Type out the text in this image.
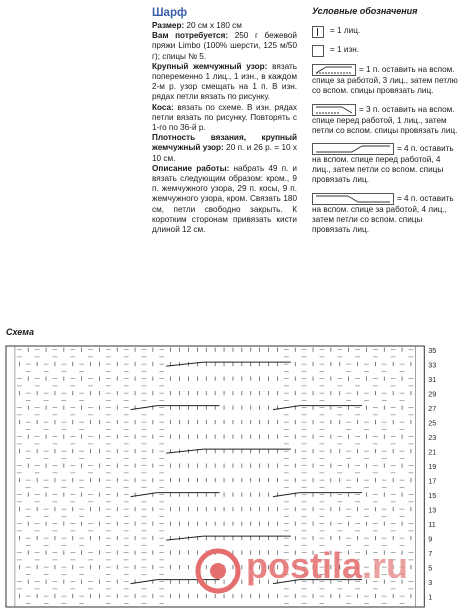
Шарф

Размер: 20 см х 180 см

Вам потребуется: 250 г бежевой пряжи Limbo (100% шерсти, 125 м/50 г); спицы № 5.

Крупный жемчужный узор: вязать попеременно 1 лиц., 1 изн., в каждом 2-м р. узор смещать на 1 п. В изн. рядах петли вязать по рисунку.

Коса: вязать по схеме. В изн. рядах петли вязать по рисунку. Повторять с 1-го по 36-й р.

Плотность вязания, крупный жемчужный узор: 20 п. и 26 р. = 10 х 10 см.

Описание работы: набрать 49 п. и вязать следующим образом: кром., 9 п. жемчужного узора, 29 п. косы, 9 п. жемчужного узора, кром. Связать 180 см, петли свободно закрыть. К коротким сторонам привязать кисти длиной 12 см.

Условные обозначения
= 1 лиц.
= 1 изн.
= 1 п. оставить на вспом. спице за работой, 3 лиц., затем петлю со вспом. спицы провязать лиц.
= 3 п. оставить на вспом. спице перед работой, 1 лиц., затем петли со вспом. спицы провязать лиц.
= 4 п. оставить на вспом. спице перед работой, 4 лиц., затем петли со вспом. спицы провязать лиц.
= 4 п. оставить на вспом. спице за работой, 4 лиц., затем петли со вспом. спицы провязать лиц.
Схема
35
33
31
29
27
25
23
21
19
17
15
13
11
9
7
5
3
1
postila.ru
